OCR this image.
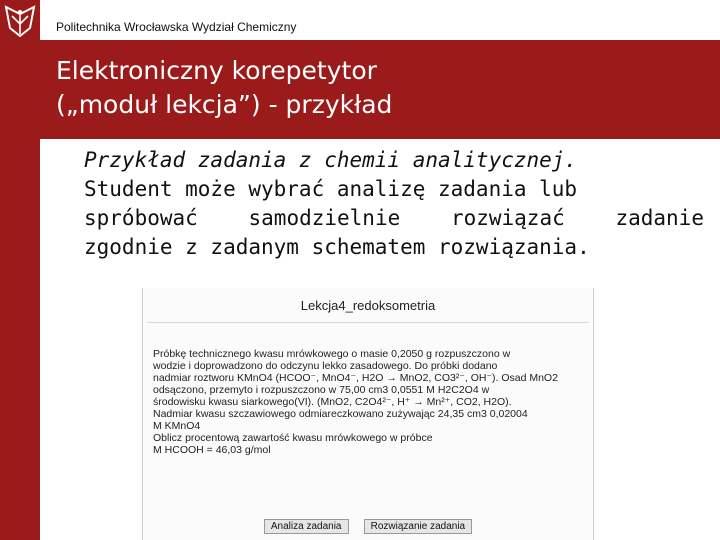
Politechnika Wrocławska Wydział Chemiczny
Elektroniczny korepetytor
(„moduł lekcja”) - przykład
Przykład zadania z chemii analitycznej.
Student może wybrać analizę zadania lub
spróbować samodzielnie rozwiązać zadanie
zgodnie z zadanym schematem rozwiązania.
Lekcja4_redoksometria
Próbkę technicznego kwasu mrówkowego o masie 0,2050 g rozpuszczono w
wodzie i doprowadzono do odczynu lekko zasadowego. Do próbki dodano
nadmiar roztworu KMnO4 (HCOO⁻, MnO4⁻, H2O → MnO2, CO3²⁻, OH⁻). Osad MnO2
odsączono, przemyto i rozpuszczono w 75,00 cm3 0,0551 M H2C2O4 w
środowisku kwasu siarkowego(VI). (MnO2, C2O4²⁻, H⁺ → Mn²⁺, CO2, H2O).
Nadmiar kwasu szczawiowego odmiareczkowano zużywając 24,35 cm3 0,02004
M KMnO4
Oblicz procentową zawartość kwasu mrówkowego w próbce
M HCOOH = 46,03 g/mol
Analiza zadania	Rozwiązanie zadania
